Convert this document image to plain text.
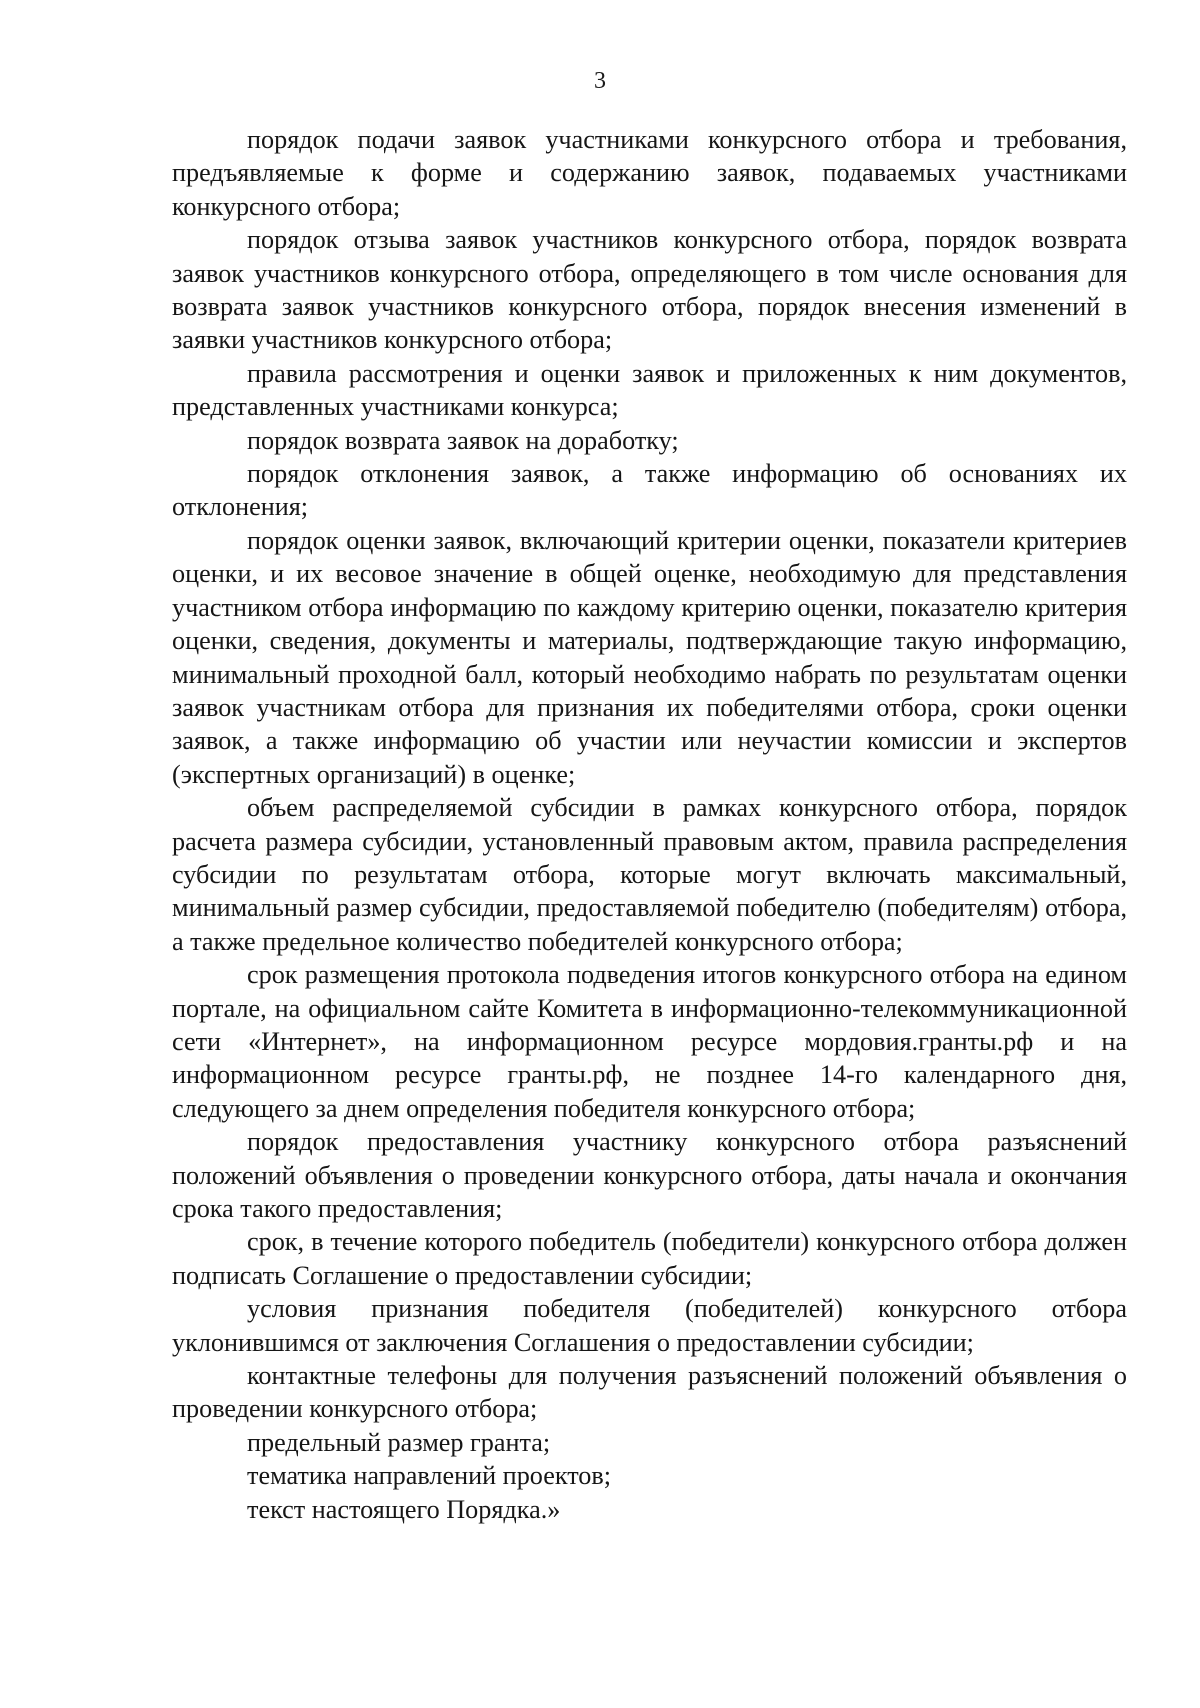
3

порядок подачи заявок участниками конкурсного отбора и требования, предъявляемые к форме и содержанию заявок, подаваемых участниками конкурсного отбора;

порядок отзыва заявок участников конкурсного отбора, порядок возврата заявок участников конкурсного отбора, определяющего в том числе основания для возврата заявок участников конкурсного отбора, порядок внесения изменений в заявки участников конкурсного отбора;

правила рассмотрения и оценки заявок и приложенных к ним документов, представленных участниками конкурса;

порядок возврата заявок на доработку;

порядок отклонения заявок, а также информацию об основаниях их отклонения;

порядок оценки заявок, включающий критерии оценки, показатели критериев оценки, и их весовое значение в общей оценке, необходимую для представления участником отбора информацию по каждому критерию оценки, показателю критерия оценки, сведения, документы и материалы, подтверждающие такую информацию, минимальный проходной балл, который необходимо набрать по результатам оценки заявок участникам отбора для признания их победителями отбора, сроки оценки заявок, а также информацию об участии или неучастии комиссии и экспертов (экспертных организаций) в оценке;

объем распределяемой субсидии в рамках конкурсного отбора, порядок расчета размера субсидии, установленный правовым актом, правила распределения субсидии по результатам отбора, которые могут включать максимальный, минимальный размер субсидии, предоставляемой победителю (победителям) отбора, а также предельное количество победителей конкурсного отбора;

срок размещения протокола подведения итогов конкурсного отбора на едином портале, на официальном сайте Комитета в информационно-телекоммуникационной сети «Интернет», на информационном ресурсе мордовия.гранты.рф и на информационном ресурсе гранты.рф, не позднее 14-го календарного дня, следующего за днем определения победителя конкурсного отбора;

порядок предоставления участнику конкурсного отбора разъяснений положений объявления о проведении конкурсного отбора, даты начала и окончания срока такого предоставления;

срок, в течение которого победитель (победители) конкурсного отбора должен подписать Соглашение о предоставлении субсидии;

условия признания победителя (победителей) конкурсного отбора уклонившимся от заключения Соглашения о предоставлении субсидии;

контактные телефоны для получения разъяснений положений объявления о проведении конкурсного отбора;

предельный размер гранта;

тематика направлений проектов;

текст настоящего Порядка.»
